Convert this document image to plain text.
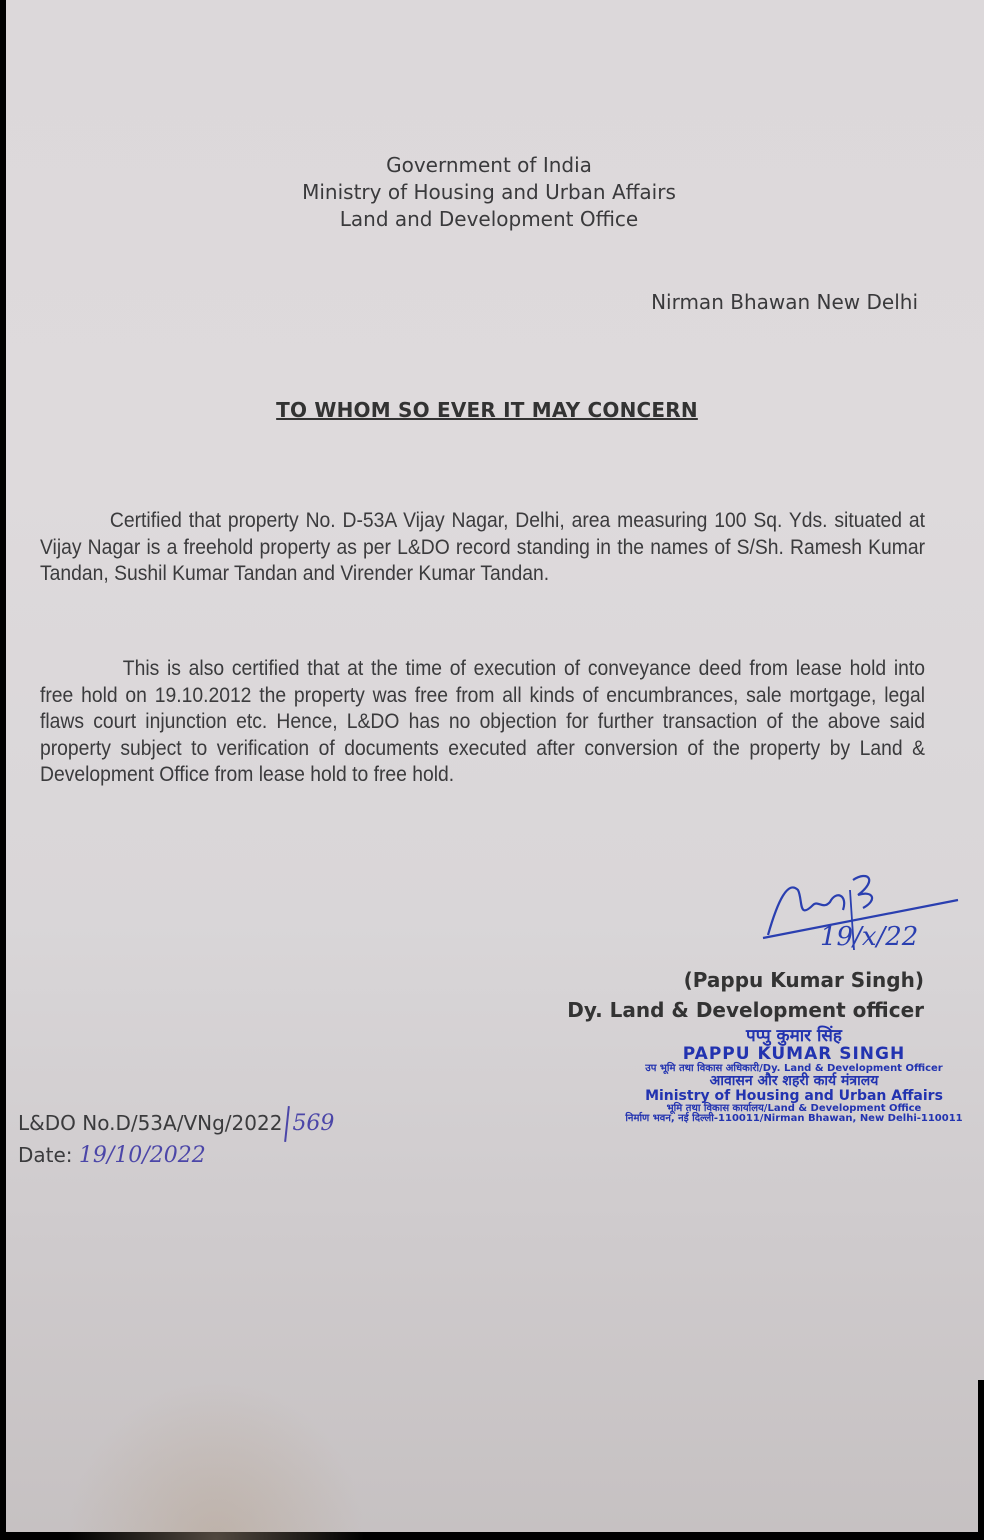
Government of India
Ministry of Housing and Urban Affairs
Land and Development Office
Nirman Bhawan New Delhi
TO WHOM SO EVER IT MAY CONCERN
Certified that property No. D-53A Vijay Nagar, Delhi, area measuring 100 Sq. Yds. situated at Vijay Nagar is a freehold property as per L&DO record standing in the names of S/Sh. Ramesh Kumar Tandan, Sushil Kumar Tandan and Virender Kumar Tandan.
This is also certified that at the time of execution of conveyance deed from lease hold into free hold on 19.10.2012 the property was free from all kinds of encumbrances, sale mortgage, legal flaws court injunction etc. Hence, L&DO has no objection for further transaction of the above said property subject to verification of documents executed after conversion of the property by Land & Development Office from lease hold to free hold.
19/x/22
(Pappu Kumar Singh)
Dy. Land & Development officer
पप्पु कुमार सिंह
PAPPU KUMAR SINGH
उप भूमि तथा विकास अधिकारी/Dy. Land & Development Officer
आवासन और शहरी कार्य मंत्रालय
Ministry of Housing and Urban Affairs
भूमि तथा विकास कार्यालय/Land & Development Office
निर्माण भवन, नई दिल्ली-110011/Nirman Bhawan, New Delhi-110011
L&DO No.D/53A/VNg/2022 569
Date: 19/10/2022
